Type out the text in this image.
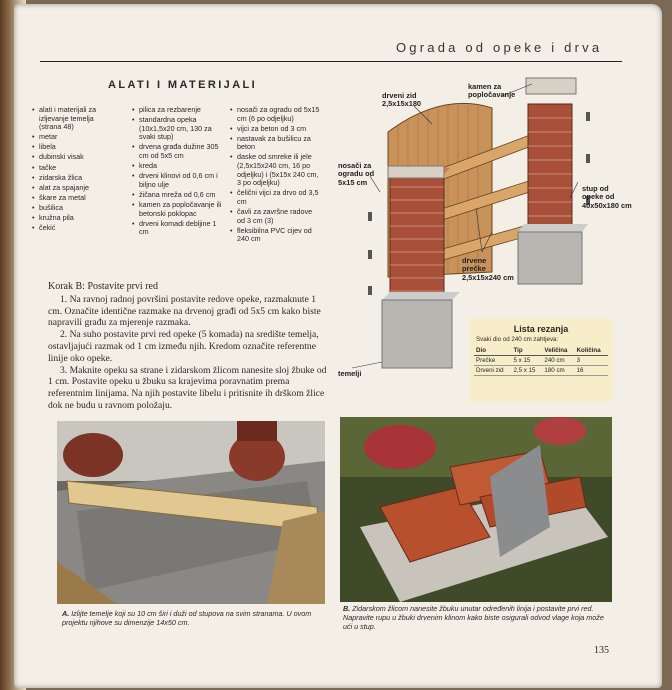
Ograda od opeke i drva
ALATI I MATERIJALI
• alati i materijali za izljevanje temelja (strana 48)
• metar
• libela
• dubinski visak
• tačke
• zidarska žlica
• alat za spajanje
• škare za metal
• bušilica
• kružna pila
• čekić
• pilica za rezbarenje
• standardna opeka (10x1,5x20 cm, 130 za svaki stup)
• drvena građa dužine 305 cm od 5x5 cm
• kreda
• drveni klinovi od 0,6 cm i biljno ulje
• žičana mreža od 0,6 cm
• kamen za popločavanje ili betonski poklopac
• drveni komadi debljine 1 cm
• nosači za ogradu od 5x15 cm (6 po odjeljku)
• vijci za beton od 3 cm
• nastavak za bušilicu za beton
• daske od smreke ili jele (2,5x15x240 cm, 16 po odjeljku) i (5x15x 240 cm, 3 po odjeljku)
• čelični vijci za drvo od 3,5 cm
• čavli za završne radove od 3 cm (3)
• fleksibilna PVC cijev od 240 cm
Korak B: Postavite prvi red

1. Na ravnoj radnoj površini postavite redove opeke, razmaknute 1 cm. Označite identične razmake na drvenoj građi od 5x5 cm kako biste napravili građu za mjerenje razmaka.

2. Na suho postavite prvi red opeke (5 komada) na središte temelja, ostavljajući razmak od 1 cm između njih. Kredom označite referentne linije oko opeke.

3. Maknite opeku sa strane i zidarskom žlicom nanesite sloj žbuke od 1 cm. Postavite opeku u žbuku sa krajevima poravnatim prema referentnim linijama. Na njih postavite libelu i pritisnite ih drškom žlice dok ne budu u ravnom položaju.

drveni zid
2,5x15x180
kamen za
popločavanje
nosači za
ogradu od
5x15 cm
stup od
opeke od
40x50x180 cm
drvene
prečke
2,5x15x240 cm
temelji
Lista rezanja
Svaki dio od 240 cm zahtjeva:
Dio	Tip	Veličina	Količina
Prečke	5 x 15	240 cm	3
Drveni zid	2,5 x 15	180 cm	16
A. Izlijte temelje koji su 10 cm širi i duži od stupova na svim stranama. U ovom projektu njihove su dimenzije 14x50 cm.
B. Zidarskom žlicom nanesite žbuku unutar određenih linija i postavite prvi red. Napravite rupu u žbuki drvenim klinom kako biste osigurali odvod vlage koja može ući u stup.
135
